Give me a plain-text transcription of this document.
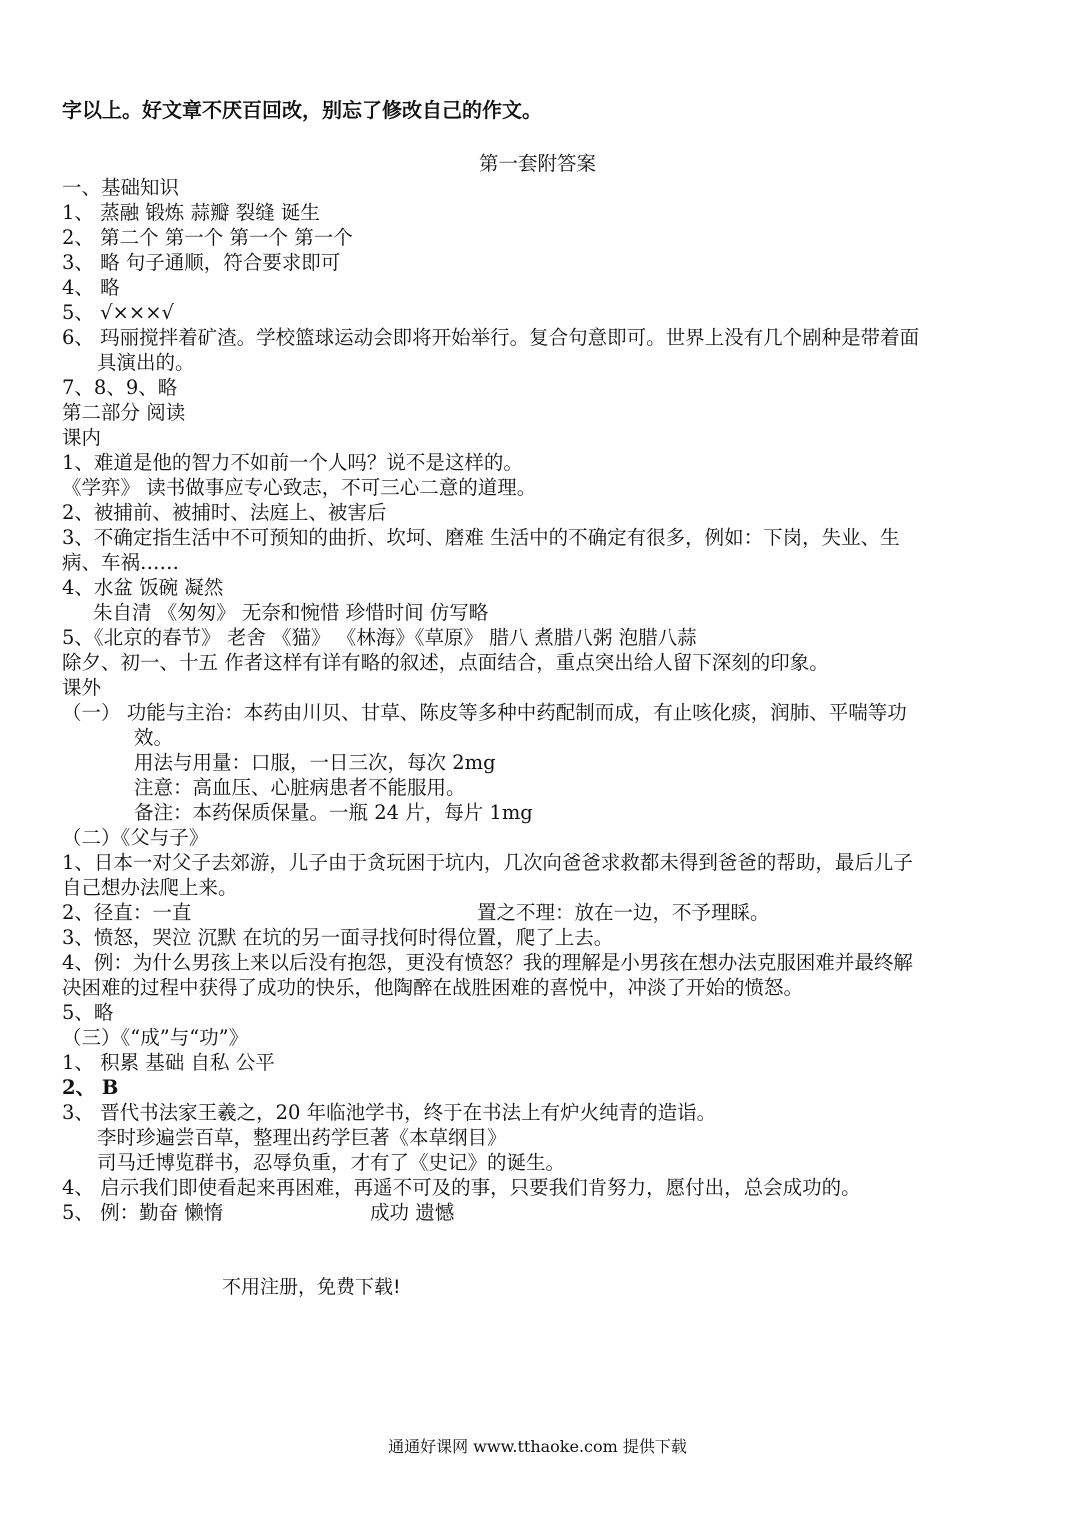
字以上。好文章不厌百回改，别忘了修改自己的作文。
第一套附答案
一、基础知识
1、 蒸融 锻炼 蒜瓣 裂缝 诞生
2、 第二个 第一个 第一个 第一个
3、 略 句子通顺，符合要求即可
4、 略
5、 √×××√
6、 玛丽搅拌着矿渣。学校篮球运动会即将开始举行。复合句意即可。世界上没有几个剧种是带着面
具演出的。
7、8、9、略
第二部分 阅读
课内
1、难道是他的智力不如前一个人吗？说不是这样的。
《学弈》 读书做事应专心致志，不可三心二意的道理。
2、被捕前、被捕时、法庭上、被害后
3、不确定指生活中不可预知的曲折、坎坷、磨难 生活中的不确定有很多，例如：下岗，失业、生
病、车祸……
4、水盆 饭碗 凝然
朱自清 《匆匆》 无奈和惋惜 珍惜时间 仿写略
5、《北京的春节》 老舍 《猫》 《林海》《草原》 腊八 煮腊八粥 泡腊八蒜
除夕、初一、十五 作者这样有详有略的叙述，点面结合，重点突出给人留下深刻的印象。
课外
（一） 功能与主治：本药由川贝、甘草、陈皮等多种中药配制而成，有止咳化痰，润肺、平喘等功
效。
用法与用量：口服，一日三次，每次 2mg
注意：高血压、心脏病患者不能服用。
备注：本药保质保量。一瓶 24 片，每片 1mg
（二）《父与子》
1、日本一对父子去郊游，儿子由于贪玩困于坑内，几次向爸爸求救都未得到爸爸的帮助，最后儿子
自己想办法爬上来。
2、径直：一直	置之不理：放在一边，不予理睬。
3、愤怒，哭泣 沉默 在坑的另一面寻找何时得位置，爬了上去。
4、例：为什么男孩上来以后没有抱怨，更没有愤怒？我的理解是小男孩在想办法克服困难并最终解
决困难的过程中获得了成功的快乐，他陶醉在战胜困难的喜悦中，冲淡了开始的愤怒。
5、略
（三）《“成”与“功”》
1、 积累 基础 自私 公平
2、 B
3、 晋代书法家王羲之，20 年临池学书，终于在书法上有炉火纯青的造诣。
李时珍遍尝百草，整理出药学巨著《本草纲目》
司马迁博览群书，忍辱负重，才有了《史记》的诞生。
4、 启示我们即使看起来再困难，再遥不可及的事，只要我们肯努力，愿付出，总会成功的。
5、 例：勤奋 懒惰	成功 遗憾
不用注册，免费下载!
通通好课网 www.tthaoke.com 提供下载
